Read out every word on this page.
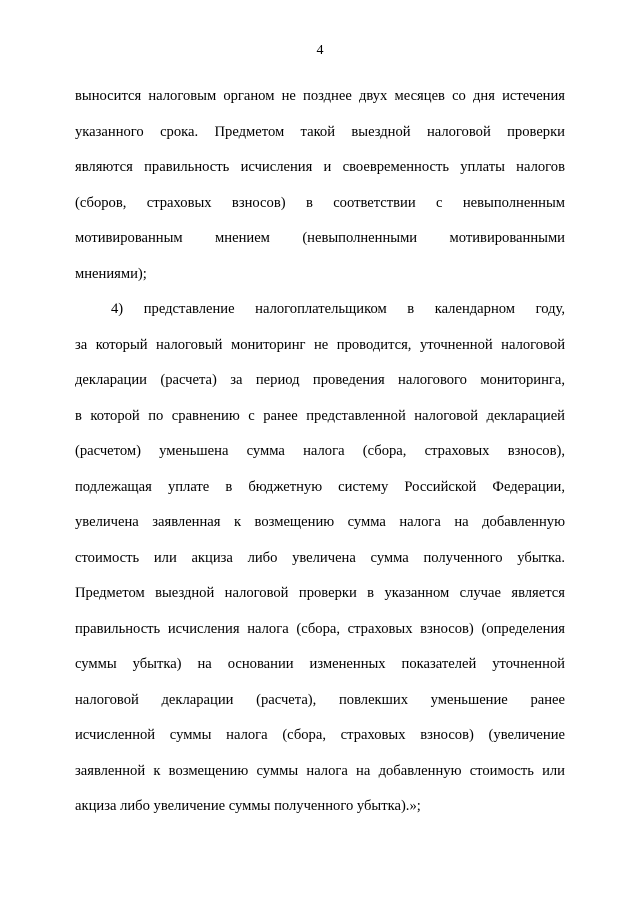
4
выносится налоговым органом не позднее двух месяцев со дня истечения
указанного срока. Предметом такой выездной налоговой проверки
являются правильность исчисления и своевременность уплаты налогов
(сборов, страховых взносов) в соответствии с невыполненным
мотивированным мнением (невыполненными мотивированными
мнениями);
4) представление налогоплательщиком в календарном году,
за который налоговый мониторинг не проводится, уточненной налоговой
декларации (расчета) за период проведения налогового мониторинга,
в которой по сравнению с ранее представленной налоговой декларацией
(расчетом) уменьшена сумма налога (сбора, страховых взносов),
подлежащая уплате в бюджетную систему Российской Федерации,
увеличена заявленная к возмещению сумма налога на добавленную
стоимость или акциза либо увеличена сумма полученного убытка.
Предметом выездной налоговой проверки в указанном случае является
правильность исчисления налога (сбора, страховых взносов) (определения
суммы убытка) на основании измененных показателей уточненной
налоговой декларации (расчета), повлекших уменьшение ранее
исчисленной суммы налога (сбора, страховых взносов) (увеличение
заявленной к возмещению суммы налога на добавленную стоимость или
акциза либо увеличение суммы полученного убытка).»;
